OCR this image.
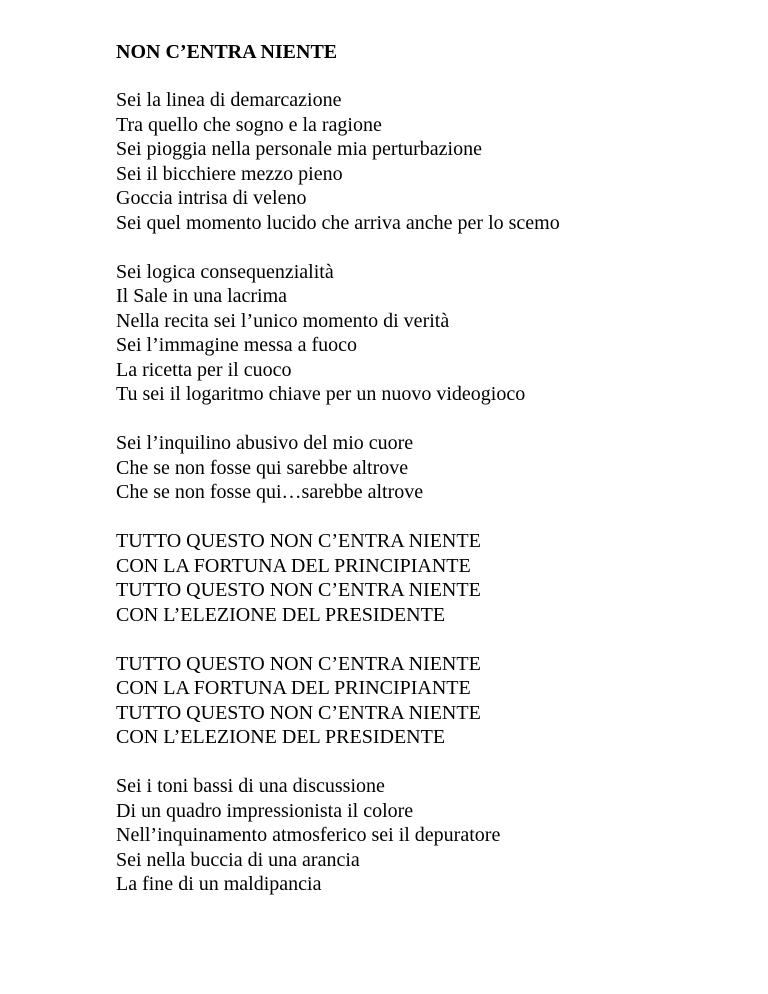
NON C’ENTRA NIENTE
Sei la linea di demarcazione
Tra quello che sogno e la ragione
Sei pioggia nella personale mia perturbazione
Sei il bicchiere mezzo pieno
Goccia intrisa di veleno
Sei quel momento lucido che arriva anche per lo scemo
Sei logica consequenzialità
Il Sale in una lacrima
Nella recita sei l’unico momento di verità
Sei l’immagine messa a fuoco
La ricetta per il cuoco
Tu sei il logaritmo chiave per un nuovo videogioco
Sei l’inquilino abusivo del mio cuore
Che se non fosse qui sarebbe altrove
Che se non fosse qui…sarebbe altrove
TUTTO QUESTO NON C’ENTRA NIENTE
CON LA FORTUNA DEL PRINCIPIANTE
TUTTO QUESTO NON C’ENTRA NIENTE
CON L’ELEZIONE DEL PRESIDENTE
TUTTO QUESTO NON C’ENTRA NIENTE
CON LA FORTUNA DEL PRINCIPIANTE
TUTTO QUESTO NON C’ENTRA NIENTE
CON L’ELEZIONE DEL PRESIDENTE
Sei i toni bassi di una discussione
Di un quadro impressionista il colore
Nell’inquinamento atmosferico sei il depuratore
Sei nella buccia di una arancia
La fine di un maldipancia
